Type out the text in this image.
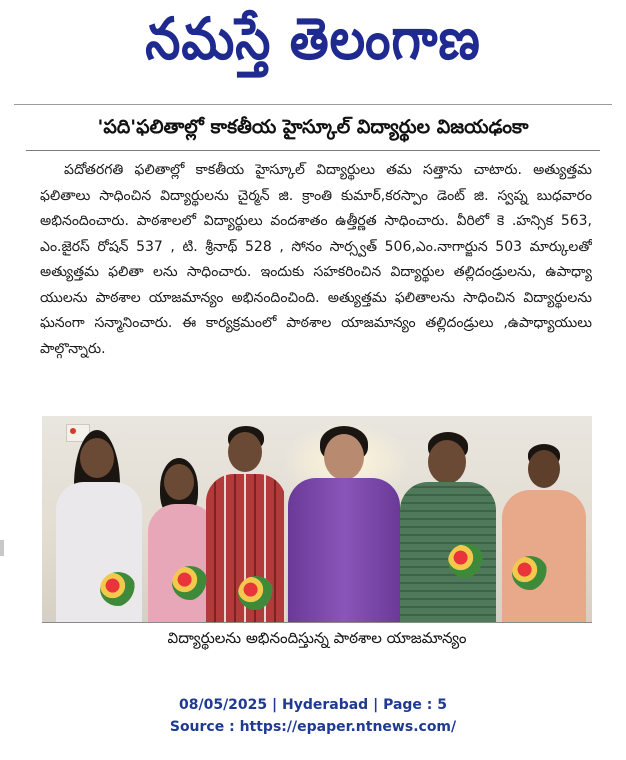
నమస్తే తెలంగాణ
'పది'ఫలితాల్లో కాకతీయ హైస్కూల్ విద్యార్థుల విజయఢంకా

పదోతరగతి ఫలితాల్లో కాకతీయ హైస్కూల్ విద్యార్థులు తమ సత్తాను చాటారు. అత్యుత్తమ ఫలితాలు సాధించిన విద్యార్థులను చైర్మన్ జి. క్రాంతి కుమార్,కరస్పాం డెంట్ జి. స్వప్న బుధవారం అభినందించారు. పాఠశాలలో విద్యార్థులు వందశాతం ఉత్తీర్ణత సాధించారు. వీరిలో కె .హన్సిక 563, ఎం.జైరస్ రోషన్ 537 , టి. శ్రీనాథ్ 528 , సోనం సార్స్వత్ 506,ఎం.నాగార్జున 503 మార్కులతో అత్యుత్తమ ఫలితా లను సాధించారు. ఇందుకు సహకరించిన విద్యార్థుల తల్లిదండ్రులను, ఉపాధ్యా యులను పాఠశాల యాజమాన్యం అభినందించింది. అత్యుత్తమ ఫలితాలను సాధించిన విద్యార్థులను ఘనంగా సన్మానించారు. ఈ కార్యక్రమంలో పాఠశాల యాజమాన్యం తల్లిదండ్రులు ,ఉపాధ్యాయులు పాల్గొన్నారు.

విద్యార్థులను అభినందిస్తున్న పాఠశాల యాజమాన్యం
08/05/2025 | Hyderabad | Page : 5
Source : https://epaper.ntnews.com/
